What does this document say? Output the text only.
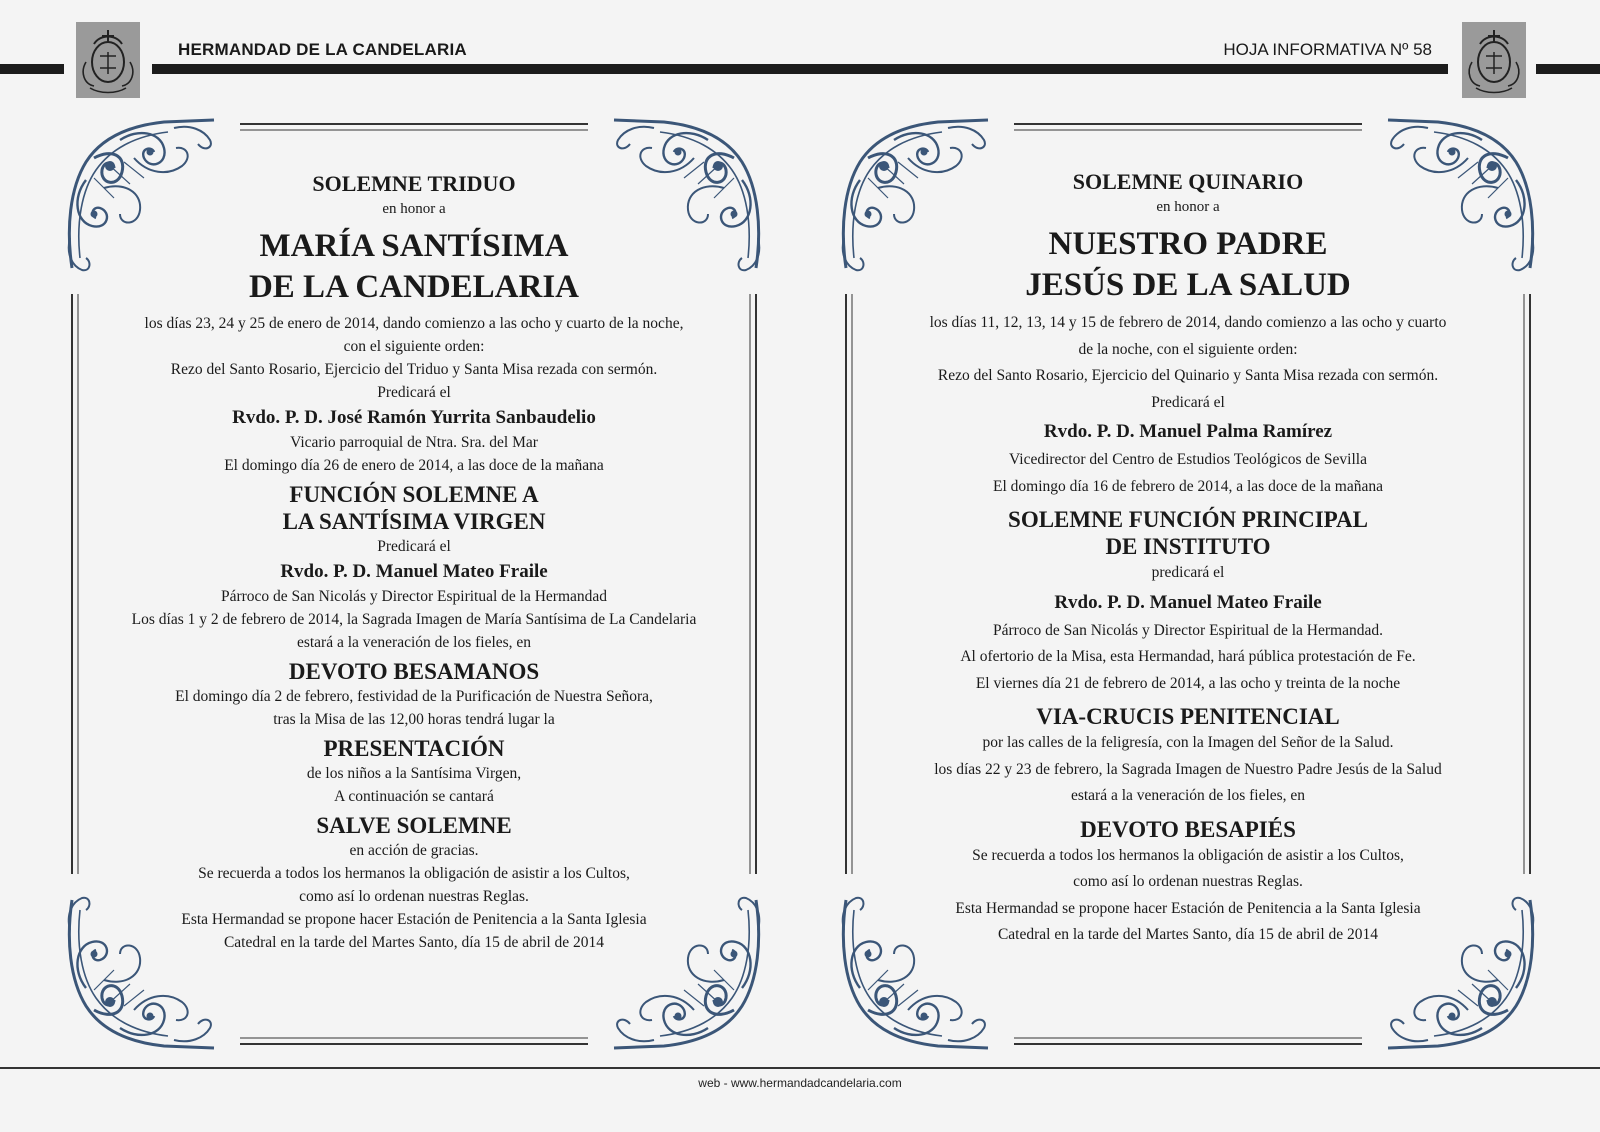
HERMANDAD DE LA CANDELARIA	HOJA INFORMATIVA Nº 58
SOLEMNE TRIDUO
en honor a
MARÍA SANTÍSIMA
DE LA CANDELARIA
los días 23, 24 y 25 de enero de 2014, dando comienzo a las ocho y cuarto de la noche,
con el siguiente orden:
Rezo del Santo Rosario, Ejercicio del Triduo y Santa Misa rezada con sermón.
Predicará el
Rvdo. P. D. José Ramón Yurrita Sanbaudelio
Vicario parroquial de Ntra. Sra. del Mar
El domingo día 26 de enero de 2014, a las doce de la mañana
FUNCIÓN SOLEMNE A
LA SANTÍSIMA VIRGEN
Predicará el
Rvdo. P. D. Manuel Mateo Fraile
Párroco de San Nicolás y Director Espiritual de la Hermandad
Los días 1 y 2 de febrero de 2014, la Sagrada Imagen de María Santísima de La Candelaria
estará a la veneración de los fieles, en
DEVOTO BESAMANOS
El domingo día 2 de febrero, festividad de la Purificación de Nuestra Señora,
tras la Misa de las 12,00 horas tendrá lugar la
PRESENTACIÓN
de los niños a la Santísima Virgen,
A continuación se cantará
SALVE SOLEMNE
en acción de gracias.
Se recuerda a todos los hermanos la obligación de asistir a los Cultos,
como así lo ordenan nuestras Reglas.
Esta Hermandad se propone hacer Estación de Penitencia a la Santa Iglesia
Catedral en la tarde del Martes Santo, día 15 de abril de 2014
SOLEMNE QUINARIO
en honor a
NUESTRO PADRE
JESÚS DE LA SALUD
los días 11, 12, 13, 14 y 15 de febrero de 2014, dando comienzo a las ocho y cuarto
de la noche, con el siguiente orden:
Rezo del Santo Rosario, Ejercicio del Quinario y Santa Misa rezada con sermón.
Predicará el
Rvdo. P. D. Manuel Palma Ramírez
Vicedirector del Centro de Estudios Teológicos de Sevilla
El domingo día 16 de febrero de 2014, a las doce de la mañana
SOLEMNE FUNCIÓN PRINCIPAL
DE INSTITUTO
predicará el
Rvdo. P. D. Manuel Mateo Fraile
Párroco de San Nicolás y Director Espiritual de la Hermandad.
Al ofertorio de la Misa, esta Hermandad, hará pública protestación de Fe.
El viernes día 21 de febrero de 2014, a las ocho y treinta de la noche
VIA-CRUCIS PENITENCIAL
por las calles de la feligresía, con la Imagen del Señor de la Salud.
los días 22 y 23 de febrero, la Sagrada Imagen de Nuestro Padre Jesús de la Salud
estará a la veneración de los fieles, en
DEVOTO BESAPIÉS
Se recuerda a todos los hermanos la obligación de asistir a los Cultos,
como así lo ordenan nuestras Reglas.
Esta Hermandad se propone hacer Estación de Penitencia a la Santa Iglesia
Catedral en la tarde del Martes Santo, día 15 de abril de 2014
web - www.hermandadcandelaria.com
